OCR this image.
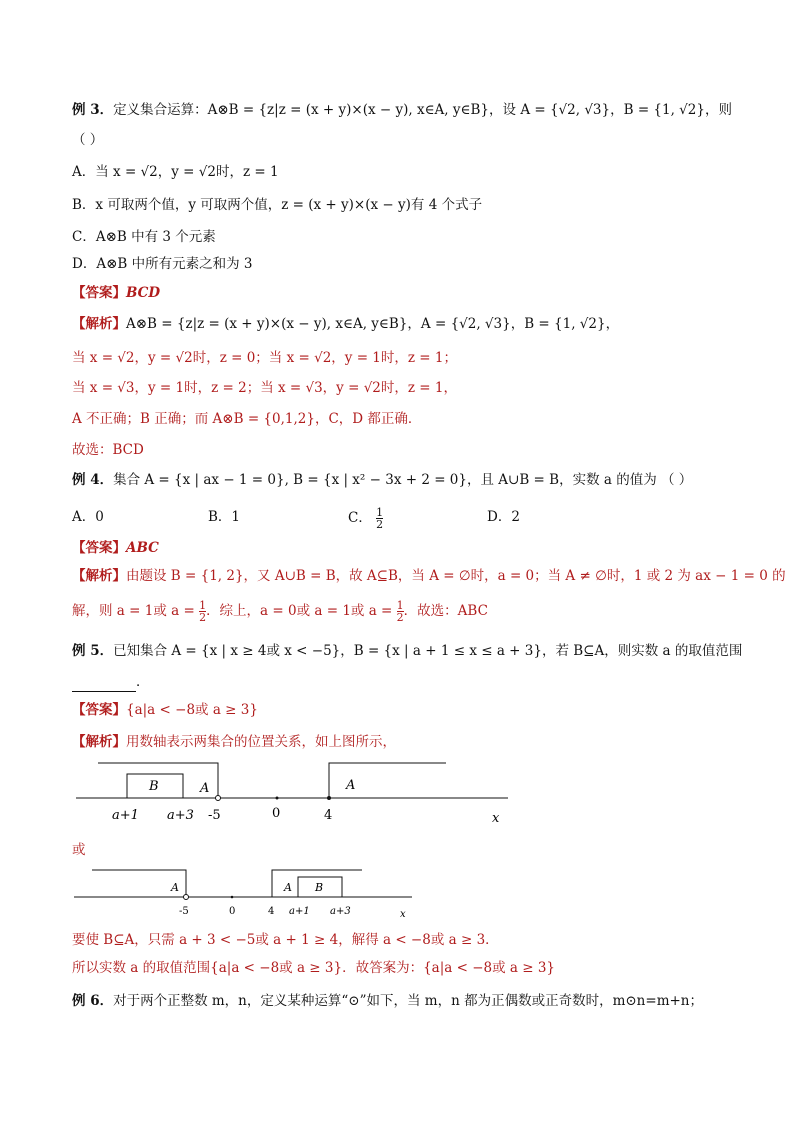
例 3．定义集合运算：A⊗B = {z|z = (x + y)×(x − y), x∈A, y∈B}，设 A = {√2, √3}，B = {1, √2}，则
（ ）
A．当 x = √2，y = √2时，z = 1
B．x 可取两个值，y 可取两个值，z = (x + y)×(x − y)有 4 个式子
C．A⊗B 中有 3 个元素
D．A⊗B 中所有元素之和为 3
【答案】BCD
【解析】A⊗B = {z|z = (x + y)×(x − y), x∈A, y∈B}，A = {√2, √3}，B = {1, √2}，
当 x = √2，y = √2时，z = 0；当 x = √2，y = 1时，z = 1；
当 x = √3，y = 1时，z = 2；当 x = √3，y = √2时，z = 1，
A 不正确；B 正确；而 A⊗B = {0,1,2}，C，D 都正确．
故选：BCD
例 4．集合 A = {x | ax − 1 = 0}, B = {x | x² − 3x + 2 = 0}，且 A∪B = B，实数 a 的值为 （ ）
A．0	B．1	C． $\frac{1}{2}$	D．2
【答案】ABC
【解析】由题设 B = {1, 2}，又 A∪B = B，故 A⊆B，当 A = ∅时，a = 0；当 A ≠ ∅时，1 或 2 为 ax − 1 = 0 的
解，则 a = 1或 $a = \frac{1}{2}$ ．综上，a = 0或 a = 1或 $a = \frac{1}{2}$ ．故选：ABC
例 5．已知集合 A = {x | x ≥ 4或 x < −5}，B = {x | a + 1 ≤ x ≤ a + 3}，若 B⊆A，则实数 a 的取值范围
．
【答案】{a|a < −8或 a ≥ 3}
【解析】用数轴表示两集合的位置关系，如上图所示，
B	A	A
a+1 a+3 -5	0	4	x
或
A	A B
-5	0	4 a+1 a+3	x
要使 B⊆A，只需 a + 3 < −5或 a + 1 ≥ 4，解得 a < −8或 a ≥ 3．
所以实数 a 的取值范围{a|a < −8或 a ≥ 3}．故答案为：{a|a < −8或 a ≥ 3}
例 6．对于两个正整数 m，n，定义某种运算“⊙”如下，当 m，n 都为正偶数或正奇数时，m⊙n=m+n；
